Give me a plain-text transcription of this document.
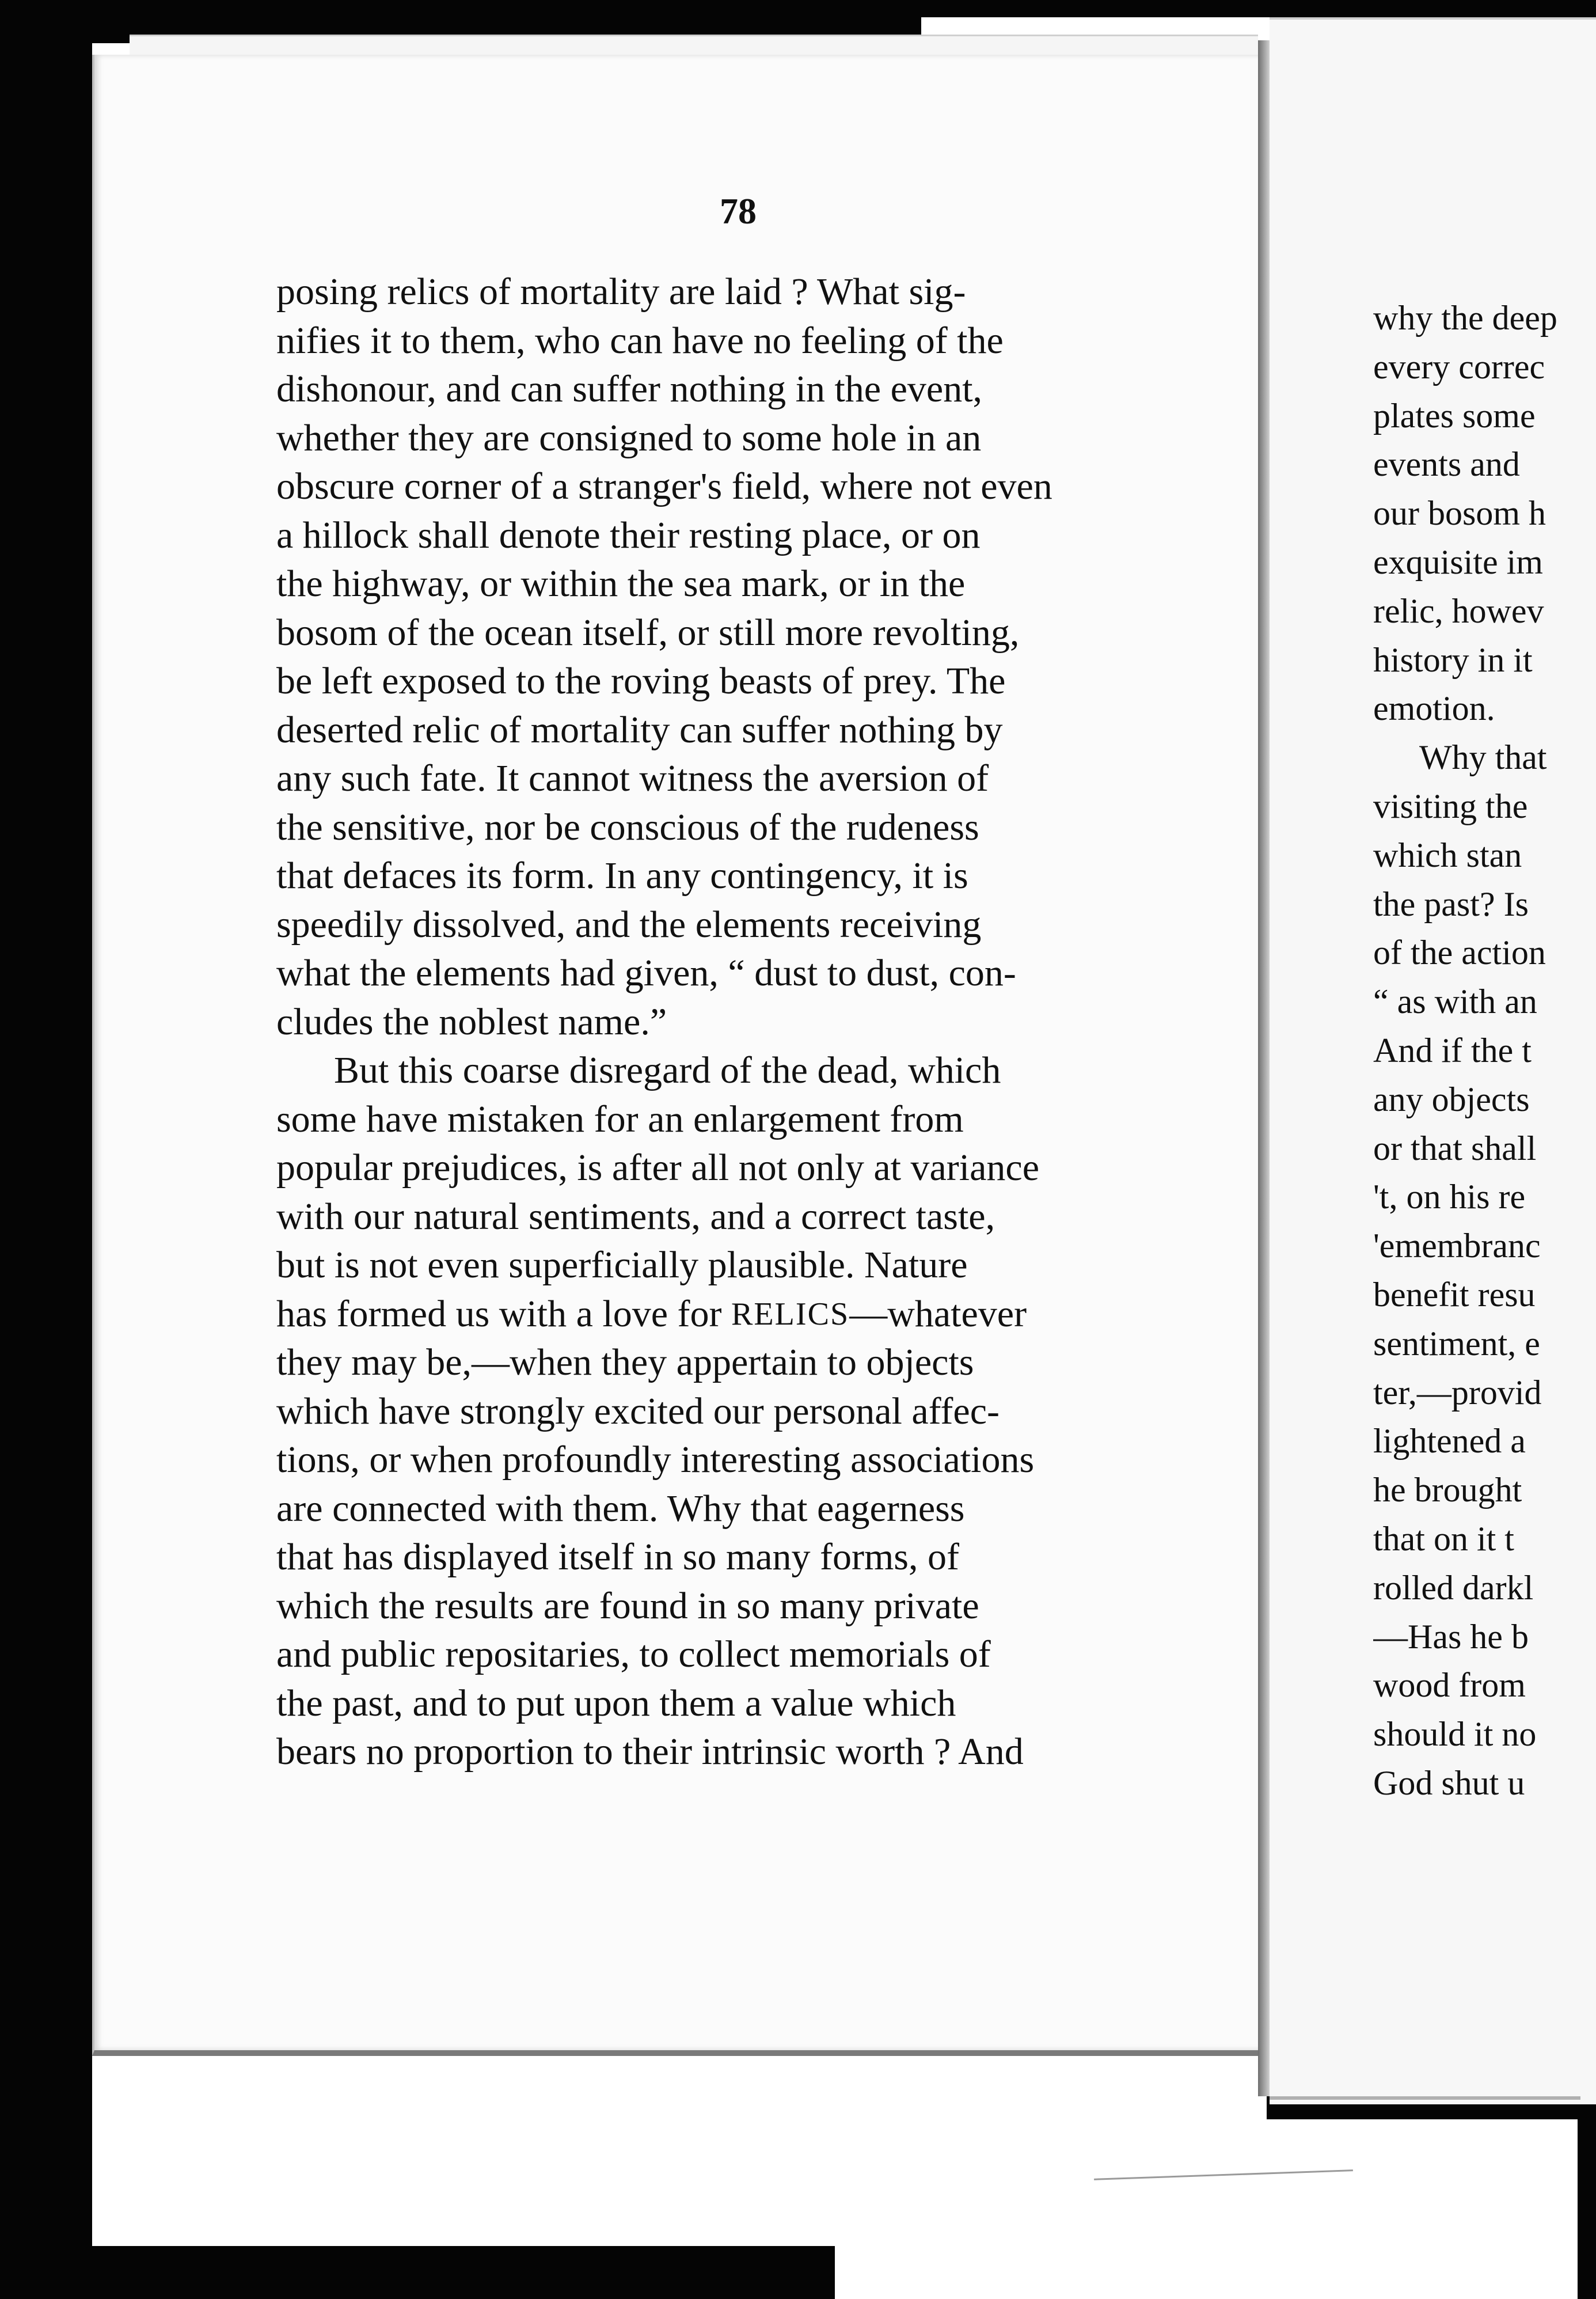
78
posing relics of mortality are laid ? What sig-
nifies it to them, who can have no feeling of the
dishonour, and can suffer nothing in the event,
whether they are consigned to some hole in an
obscure corner of a stranger's field, where not even
a hillock shall denote their resting place, or on
the highway, or within the sea mark, or in the
bosom of the ocean itself, or still more revolting,
be left exposed to the roving beasts of prey. The
deserted relic of mortality can suffer nothing by
any such fate. It cannot witness the aversion of
the sensitive, nor be conscious of the rudeness
that defaces its form. In any contingency, it is
speedily dissolved, and the elements receiving
what the elements had given, “ dust to dust, con-
cludes the noblest name.”
But this coarse disregard of the dead, which
some have mistaken for an enlargement from
popular prejudices, is after all not only at variance
with our natural sentiments, and a correct taste,
but is not even superficially plausible. Nature
has formed us with a love for
RELICS —whatever
they may be,—when they appertain to objects
which have strongly excited our personal affec-
tions, or when profoundly interesting associations
are connected with them. Why that eagerness
that has displayed itself in so many forms, of
which the results are found in so many private
and public repositaries, to collect memorials of
the past, and to put upon them a value which
bears no proportion to their intrinsic worth ? And
why the deep
every correc
plates some
events and
our bosom h
exquisite im
relic, howev
history in it
emotion.
Why that
visiting the
which stan
the past? Is
of the action
“ as with an
And if the t
any objects
or that shall
't, on his re
'emembranc
benefit resu
sentiment, e
ter,—provid
lightened a
he brought
that on it t
rolled darkl
—Has he b
wood from
should it no
God shut u
